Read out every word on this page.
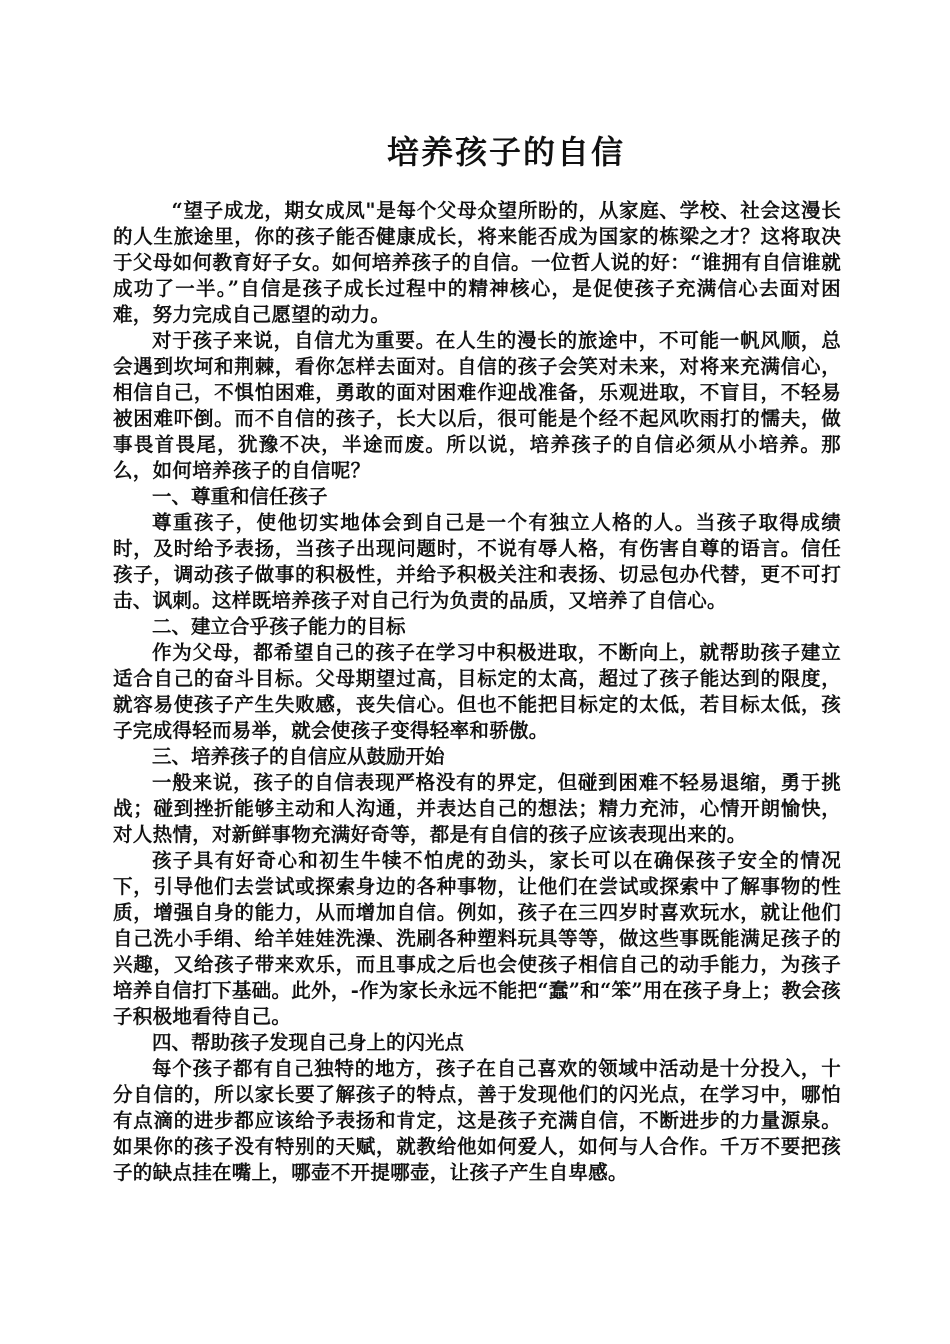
培养孩子的自信

“望子成龙，期女成凤"是每个父母众望所盼的，从家庭、学校、社会这漫长的人生旅途里，你的孩子能否健康成长，将来能否成为国家的栋梁之才？这将取决于父母如何教育好子女。如何培养孩子的自信。一位哲人说的好：“谁拥有自信谁就成功了一半。”自信是孩子成长过程中的精神核心，是促使孩子充满信心去面对困难，努力完成自己愿望的动力。

对于孩子来说，自信尤为重要。在人生的漫长的旅途中，不可能一帆风顺，总会遇到坎坷和荆棘，看你怎样去面对。自信的孩子会笑对未来，对将来充满信心，相信自己，不惧怕困难，勇敢的面对困难作迎战准备，乐观进取，不盲目，不轻易被困难吓倒。而不自信的孩子，长大以后，很可能是个经不起风吹雨打的懦夫，做事畏首畏尾，犹豫不决，半途而废。所以说，培养孩子的自信必须从小培养。那么，如何培养孩子的自信呢？

一、尊重和信任孩子

尊重孩子，使他切实地体会到自己是一个有独立人格的人。当孩子取得成绩时，及时给予表扬，当孩子出现问题时，不说有辱人格，有伤害自尊的语言。信任孩子，调动孩子做事的积极性，并给予积极关注和表扬、切忌包办代替，更不可打击、讽刺。这样既培养孩子对自己行为负责的品质，又培养了自信心。

二、建立合乎孩子能力的目标

作为父母，都希望自己的孩子在学习中积极进取，不断向上，就帮助孩子建立适合自己的奋斗目标。父母期望过高，目标定的太高，超过了孩子能达到的限度，就容易使孩子产生失败感，丧失信心。但也不能把目标定的太低，若目标太低，孩子完成得轻而易举，就会使孩子变得轻率和骄傲。

三、培养孩子的自信应从鼓励开始

一般来说，孩子的自信表现严格没有的界定，但碰到困难不轻易退缩，勇于挑战；碰到挫折能够主动和人沟通，并表达自己的想法；精力充沛，心情开朗愉快，对人热情，对新鲜事物充满好奇等，都是有自信的孩子应该表现出来的。

孩子具有好奇心和初生牛犊不怕虎的劲头，家长可以在确保孩子安全的情况下，引导他们去尝试或探索身边的各种事物，让他们在尝试或探索中了解事物的性质，增强自身的能力，从而增加自信。例如，孩子在三四岁时喜欢玩水，就让他们自己洗小手绢、给羊娃娃洗澡、洗刷各种塑料玩具等等，做这些事既能满足孩子的兴趣，又给孩子带来欢乐，而且事成之后也会使孩子相信自己的动手能力，为孩子培养自信打下基础。此外，-作为家长永远不能把“蠢”和“笨”用在孩子身上；教会孩子积极地看待自己。

四、帮助孩子发现自己身上的闪光点

每个孩子都有自己独特的地方，孩子在自己喜欢的领域中活动是十分投入，十分自信的，所以家长要了解孩子的特点，善于发现他们的闪光点，在学习中，哪怕有点滴的进步都应该给予表扬和肯定，这是孩子充满自信，不断进步的力量源泉。如果你的孩子没有特别的天赋，就教给他如何爱人，如何与人合作。千万不要把孩子的缺点挂在嘴上，哪壶不开提哪壶，让孩子产生自卑感。
